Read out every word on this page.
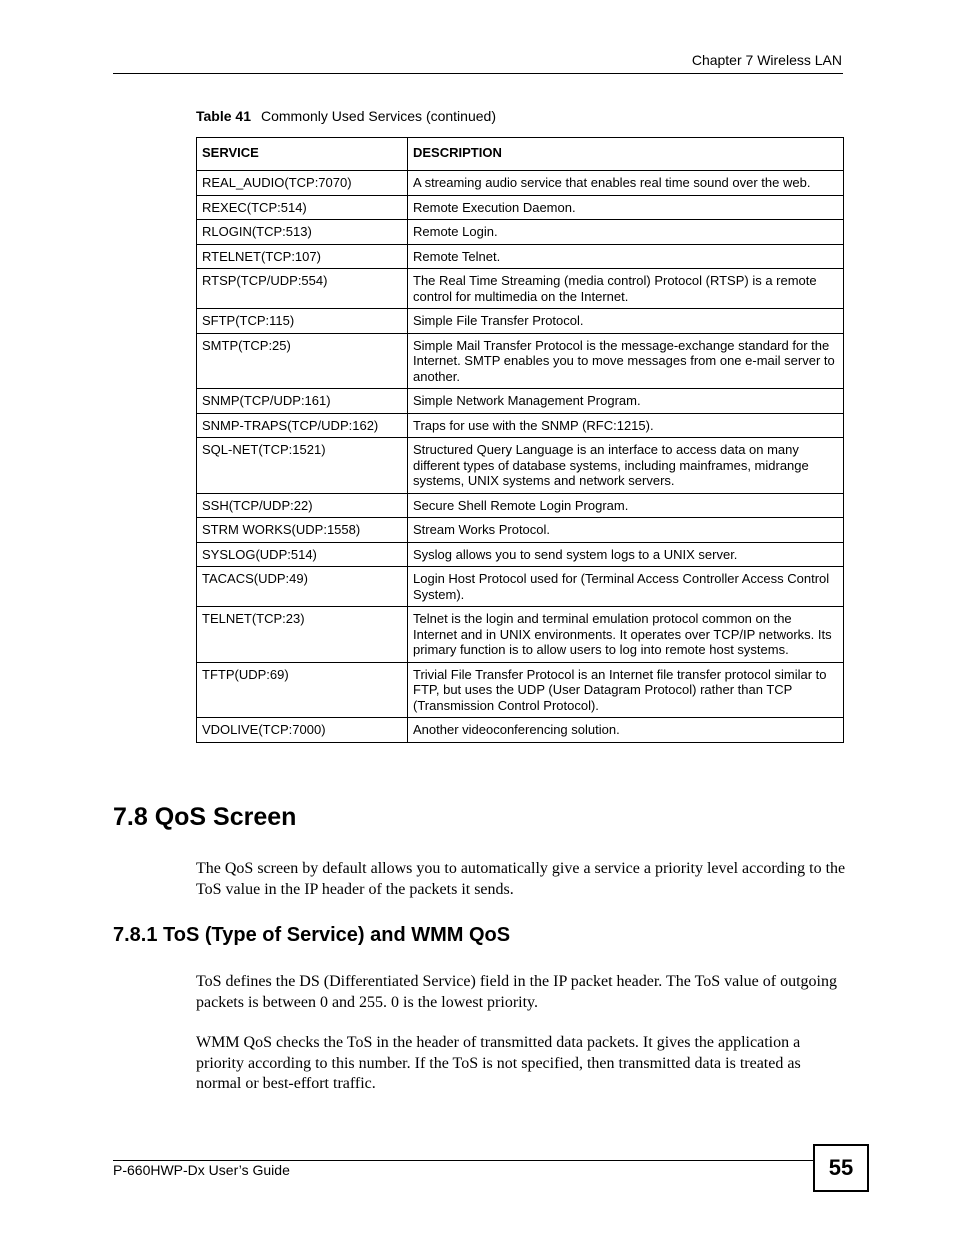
Chapter 7 Wireless LAN
Table 41 Commonly Used Services (continued)
SERVICE	DESCRIPTION
REAL_AUDIO(TCP:7070)	A streaming audio service that enables real time sound over the web.
REXEC(TCP:514)	Remote Execution Daemon.
RLOGIN(TCP:513)	Remote Login.
RTELNET(TCP:107)	Remote Telnet.
RTSP(TCP/UDP:554)	The Real Time Streaming (media control) Protocol (RTSP) is a remote control for multimedia on the Internet.
SFTP(TCP:115)	Simple File Transfer Protocol.
SMTP(TCP:25)	Simple Mail Transfer Protocol is the message-exchange standard for the Internet. SMTP enables you to move messages from one e-mail server to another.
SNMP(TCP/UDP:161)	Simple Network Management Program.
SNMP-TRAPS(TCP/UDP:162)	Traps for use with the SNMP (RFC:1215).
SQL-NET(TCP:1521)	Structured Query Language is an interface to access data on many different types of database systems, including mainframes, midrange systems, UNIX systems and network servers.
SSH(TCP/UDP:22)	Secure Shell Remote Login Program.
STRM WORKS(UDP:1558)	Stream Works Protocol.
SYSLOG(UDP:514)	Syslog allows you to send system logs to a UNIX server.
TACACS(UDP:49)	Login Host Protocol used for (Terminal Access Controller Access Control System).
TELNET(TCP:23)	Telnet is the login and terminal emulation protocol common on the Internet and in UNIX environments. It operates over TCP/IP networks. Its primary function is to allow users to log into remote host systems.
TFTP(UDP:69)	Trivial File Transfer Protocol is an Internet file transfer protocol similar to FTP, but uses the UDP (User Datagram Protocol) rather than TCP (Transmission Control Protocol).
VDOLIVE(TCP:7000)	Another videoconferencing solution.
7.8 QoS Screen

The QoS screen by default allows you to automatically give a service a priority level according to the ToS value in the IP header of the packets it sends.

7.8.1 ToS (Type of Service) and WMM QoS

ToS defines the DS (Differentiated Service) field in the IP packet header. The ToS value of outgoing packets is between 0 and 255. 0 is the lowest priority.

WMM QoS checks the ToS in the header of transmitted data packets. It gives the application a priority according to this number. If the ToS is not specified, then transmitted data is treated as normal or best-effort traffic.

P-660HWP-Dx User’s Guide	55
